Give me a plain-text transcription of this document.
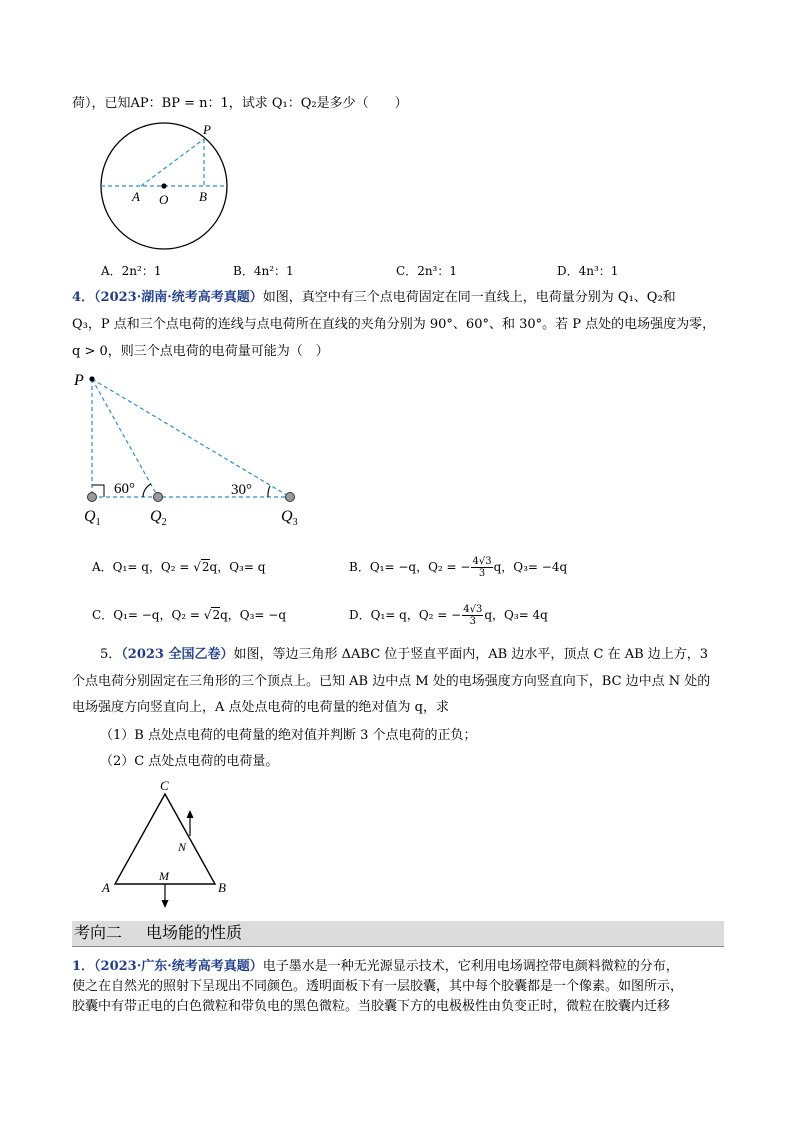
荷），已知AP：BP = n：1，试求 Q₁：Q₂是多少（　　）
P
A O B
A．2n²：1	B．4n²：1	C．2n³：1	D．4n³：1
4．（2023·湖南·统考高考真题）如图，真空中有三个点电荷固定在同一直线上，电荷量分别为 Q₁、Q₂和
Q₃，P 点和三个点电荷的连线与点电荷所在直线的夹角分别为 90°、60°、和 30°。若 P 点处的电场强度为零，
q > 0，则三个点电荷的电荷量可能为（　）
P
60°	30°
$Q_1$	$Q_2$	$Q_3$
A．Q₁= q，Q₂ = √2q，Q₃= q	B．Q₁= −q，Q₂ = − $\frac{4√3}{3}$ q，Q₃= −4q
C．Q₁= −q，Q₂ = √2q，Q₃= −q	D．Q₁= q，Q₂ = − $\frac{4√3}{3}$ q，Q₃= 4q
5．（2023 全国乙卷）如图，等边三角形 ΔABC 位于竖直平面内，AB 边水平，顶点 C 在 AB 边上方，3
个点电荷分别固定在三角形的三个顶点上。已知 AB 边中点 M 处的电场强度方向竖直向下，BC 边中点 N 处的
电场强度方向竖直向上，A 点处点电荷的电荷量的绝对值为 q，求
（1）B 点处点电荷的电荷量的绝对值并判断 3 个点电荷的正负；
（2）C 点处点电荷的电荷量。
C
N
A
M
B
考向二 电场能的性质
1．（2023·广东·统考高考真题）电子墨水是一种无光源显示技术，它利用电场调控带电颜料微粒的分布，
使之在自然光的照射下呈现出不同颜色。透明面板下有一层胶囊，其中每个胶囊都是一个像素。如图所示，
胶囊中有带正电的白色微粒和带负电的黑色微粒。当胶囊下方的电极极性由负变正时，微粒在胶囊内迁移
